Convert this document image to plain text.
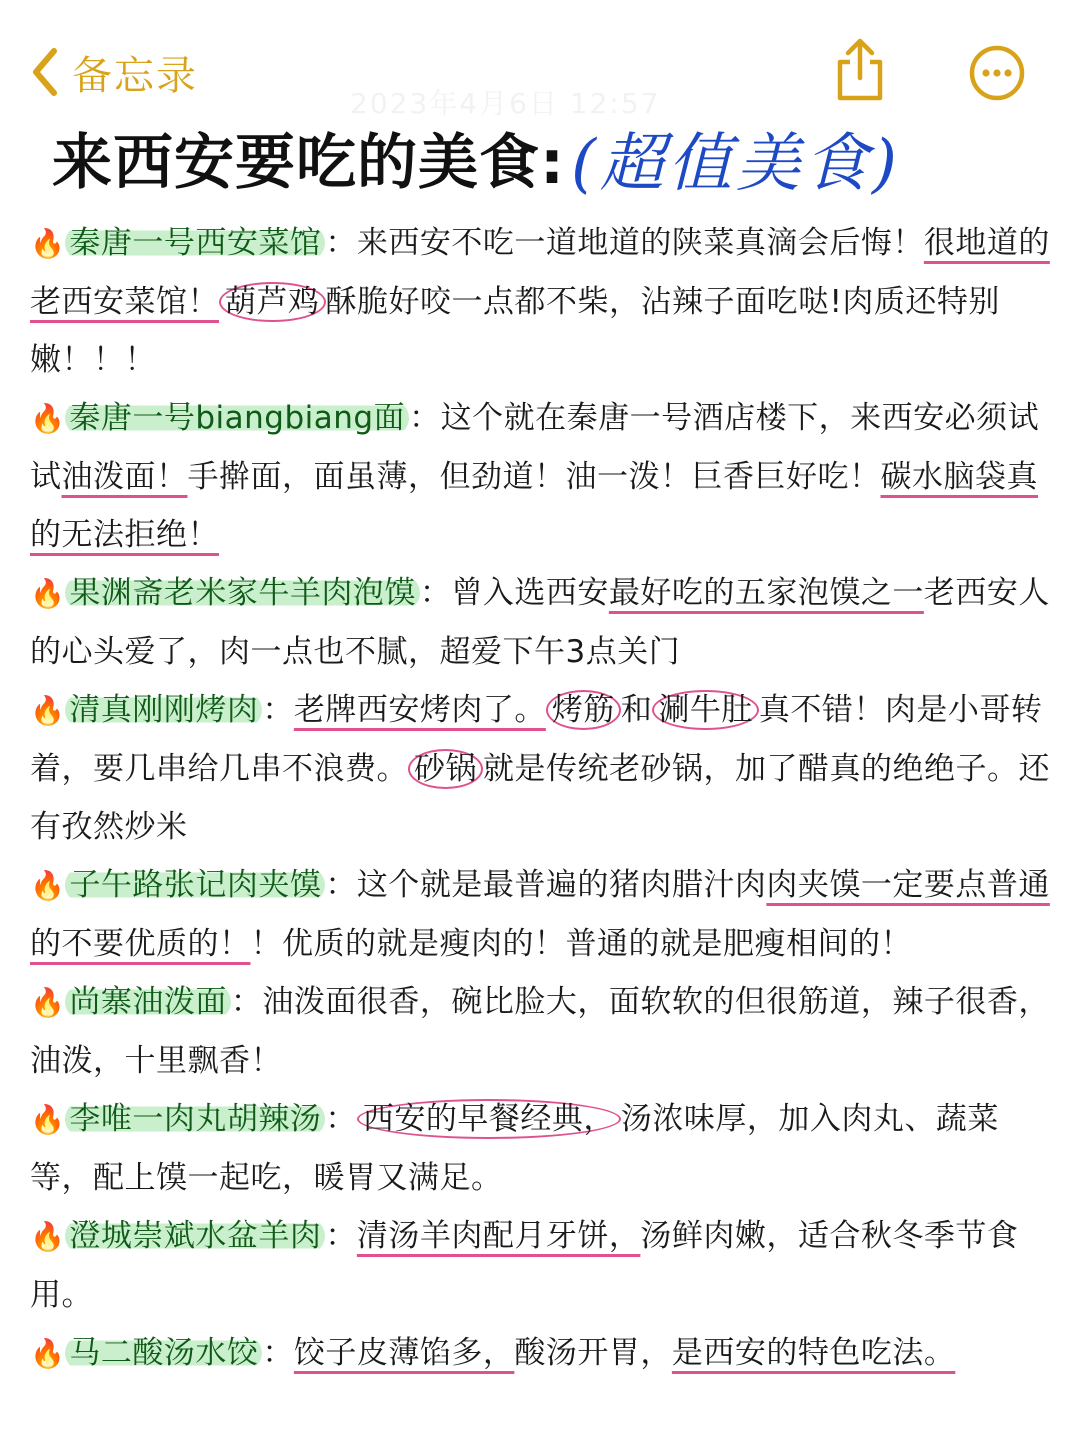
备忘录
2023年4月6日 12:57
来西安要吃的美食: (超值美食)

🔥 秦唐一号西安菜馆 ：来西安不吃一道地道的陕菜真滴会后悔！很地道的老西安菜馆！ 葫芦鸡 酥脆好咬一点都不柴，沾辣子面吃哒!肉质还特别嫩！！！

🔥 秦唐一号biangbiang面 ：这个就在秦唐一号酒店楼下，来西安必须试试油泼面！手擀面，面虽薄，但劲道！油一泼！巨香巨好吃！碳水脑袋真的无法拒绝！

🔥 果渊斋老米家牛羊肉泡馍 ：曾入选西安最好吃的五家泡馍之一老西安人的心头爱了，肉一点也不腻，超爱下午3点关门

🔥 清真刚刚烤肉 ：老牌西安烤肉了。 烤筋 和 涮牛肚 真不错！肉是小哥转着，要几串给几串不浪费。 砂锅 就是传统老砂锅，加了醋真的绝绝子。还有孜然炒米

🔥 子午路张记肉夹馍 ：这个就是最普遍的猪肉腊汁肉肉夹馍一定要点普通的不要优质的！！优质的就是瘦肉的！普通的就是肥瘦相间的！

🔥 尚寨油泼面 ：油泼面很香，碗比脸大，面软软的但很筋道，辣子很香，油泼，十里飘香！

🔥 李唯一肉丸胡辣汤 ： 西安的早餐经典， 汤浓味厚，加入肉丸、蔬菜等，配上馍一起吃，暖胃又满足。

🔥 澄城崇斌水盆羊肉 ：清汤羊肉配月牙饼，汤鲜肉嫩，适合秋冬季节食用。

🔥 马二酸汤水饺 ：饺子皮薄馅多，酸汤开胃，是西安的特色吃法。
